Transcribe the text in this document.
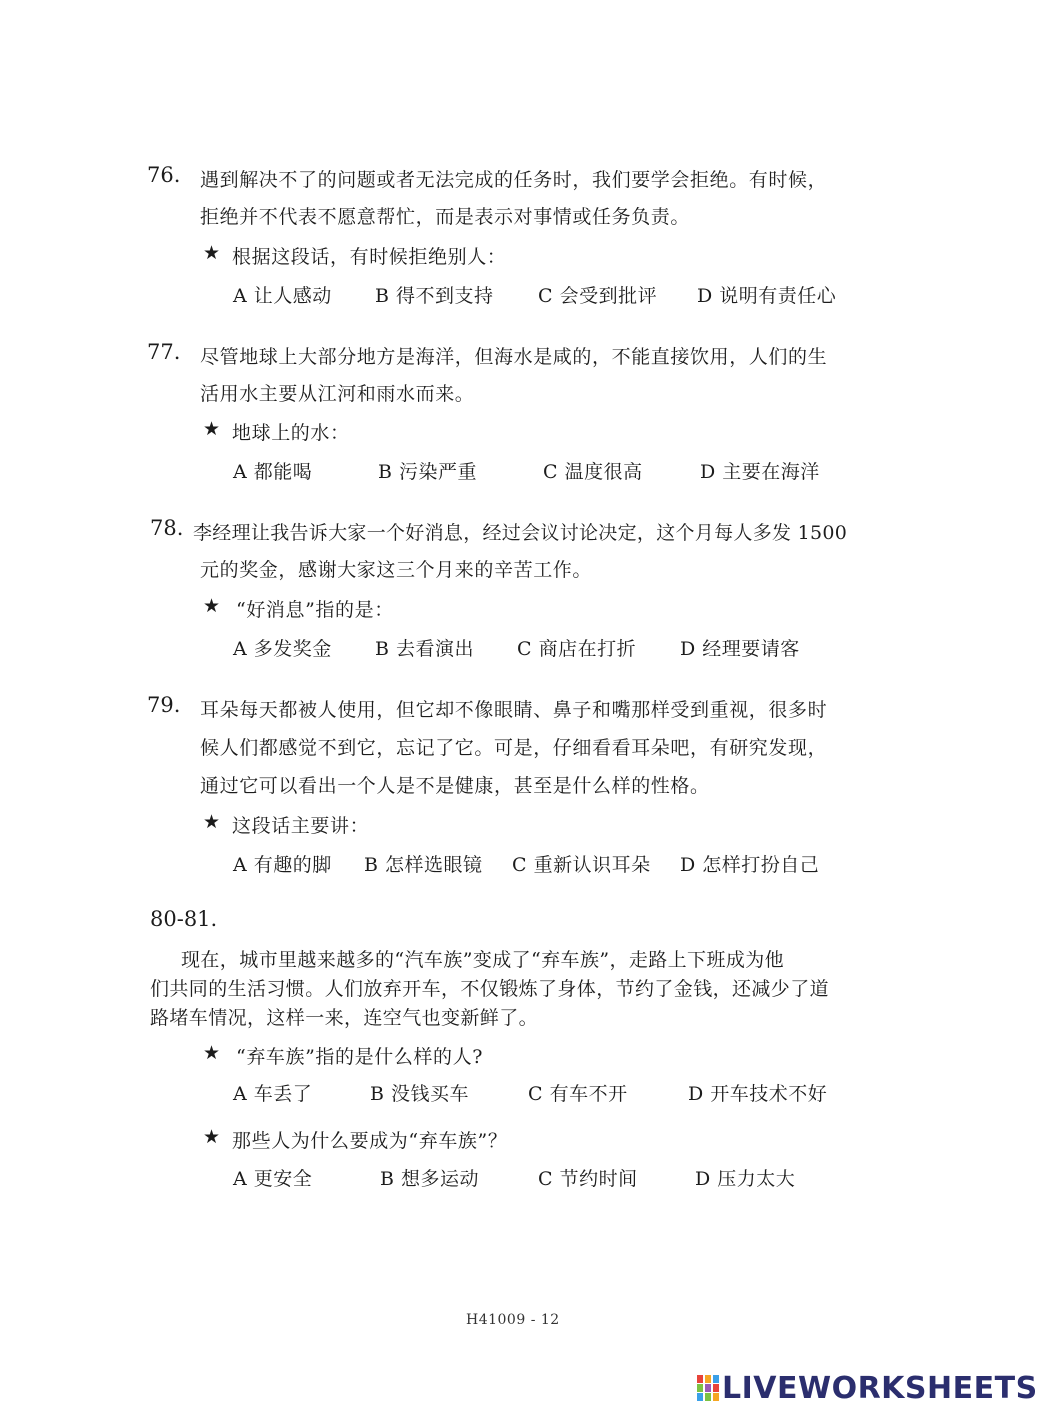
76. 遇到解决不了的问题或者无法完成的任务时，我们要学会拒绝。有时候，
拒绝并不代表不愿意帮忙，而是表示对事情或任务负责。
★ 根据这段话，有时候拒绝别人：
A 让人感动 B 得不到支持 C 会受到批评 D 说明有责任心
77. 尽管地球上大部分地方是海洋，但海水是咸的，不能直接饮用，人们的生
活用水主要从江河和雨水而来。
★ 地球上的水：
A 都能喝	B 污染严重	C 温度很高	D 主要在海洋
78. 李经理让我告诉大家一个好消息，经过会议讨论决定，这个月每人多发 1500
元的奖金，感谢大家这三个月来的辛苦工作。
★ “好消息”指的是：
A 多发奖金 B 去看演出 C 商店在打折 D 经理要请客
79. 耳朵每天都被人使用，但它却不像眼睛、鼻子和嘴那样受到重视，很多时
候人们都感觉不到它，忘记了它。可是，仔细看看耳朵吧，有研究发现，
通过它可以看出一个人是不是健康，甚至是什么样的性格。
★ 这段话主要讲：
A 有趣的脚 B 怎样选眼镜 C 重新认识耳朵 D 怎样打扮自己
80-81.
现在，城市里越来越多的“汽车族”变成了“弃车族”，走路上下班成为他
们共同的生活习惯。人们放弃开车，不仅锻炼了身体，节约了金钱，还减少了道
路堵车情况，这样一来，连空气也变新鲜了。
★ “弃车族”指的是什么样的人?
A 车丢了	B 没钱买车	C 有车不开	D 开车技术不好
★ 那些人为什么要成为“弃车族”？
A 更安全	B 想多运动	C 节约时间	D 压力太大
H41009 - 12
LIVEWORKSHEETS
